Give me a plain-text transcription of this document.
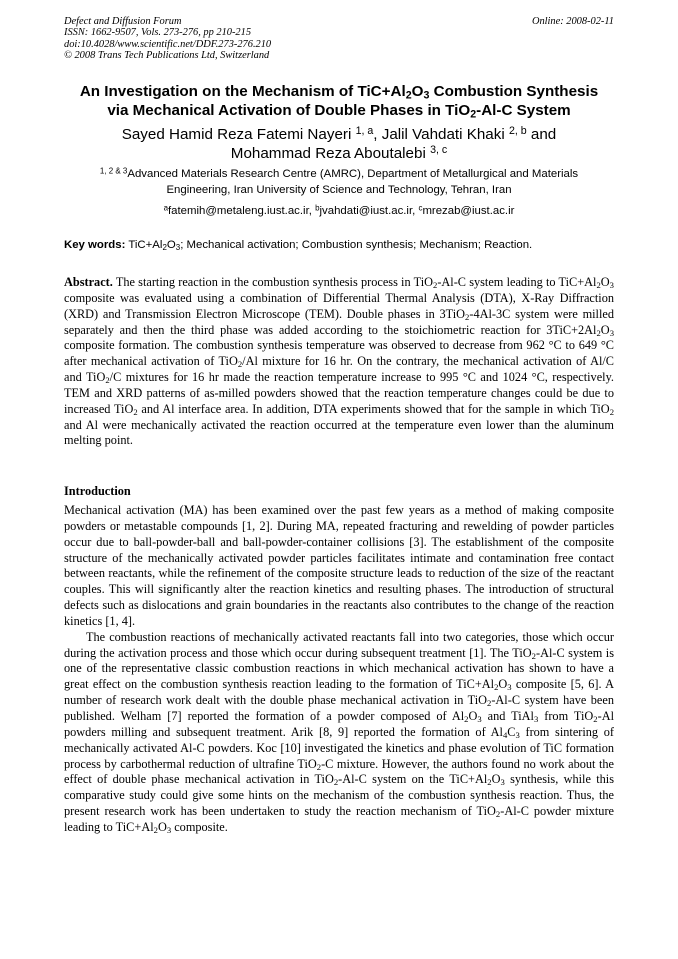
Defect and Diffusion Forum	Online: 2008-02-11
ISSN: 1662-9507, Vols. 273-276, pp 210-215
doi:10.4028/www.scientific.net/DDF.273-276.210
© 2008 Trans Tech Publications Ltd, Switzerland
An Investigation on the Mechanism of $TiC+Al_2O_3$ Combustion Synthesis
via Mechanical Activation of Double Phases in TiO$_2$-Al-C System
Sayed Hamid Reza Fatemi Nayeri $^{1, a}$, Jalil Vahdati Khaki $^{2, b}$ and
Mohammad Reza Aboutalebi $^{3, c}$
$^{1, 2 \& 3}$Advanced Materials Research Centre (AMRC), Department of Metallurgical and Materials
Engineering, Iran University of Science and Technology, Tehran, Iran
$^a$fatemih@metaleng.iust.ac.ir, $^b$jvahdati@iust.ac.ir, $^c$mrezab@iust.ac.ir
Key words: $TiC+Al_2O_3$; Mechanical activation; Combustion synthesis; Mechanism; Reaction.
Abstract. The starting reaction in the combustion synthesis process in TiO$_2$-Al-C system leading to $TiC+Al_2O_3$ composite was evaluated using a combination of Differential Thermal Analysis (DTA), X-Ray Diffraction (XRD) and Transmission Electron Microscope (TEM). Double phases in 3TiO$_2$-4Al-3C system were milled separately and then the third phase was added according to the stoichiometric reaction for $3TiC+2Al_2O_3$ composite formation. The combustion synthesis temperature was observed to decrease from 962 °C to 649 °C after mechanical activation of TiO$_2$/Al mixture for 16 hr. On the contrary, the mechanical activation of Al/C and TiO$_2$/C mixtures for 16 hr made the reaction temperature increase to 995 °C and 1024 °C, respectively. TEM and XRD patterns of as-milled powders showed that the reaction temperature changes could be due to increased TiO$_2$ and Al interface area. In addition, DTA experiments showed that for the sample in which TiO$_2$ and Al were mechanically activated the reaction occurred at the temperature even lower than the aluminum melting point.
Introduction

Mechanical activation (MA) has been examined over the past few years as a method of making composite powders or metastable compounds [1, 2]. During MA, repeated fracturing and rewelding of powder particles occur due to ball-powder-ball and ball-powder-container collisions [3]. The establishment of the composite structure of the mechanically activated powder particles facilitates intimate and contamination free contact between reactants, while the refinement of the composite structure leads to reduction of the size of the reactant couples. This will significantly alter the reaction kinetics and resulting phases. The introduction of structural defects such as dislocations and grain boundaries in the reactants also contributes to the change of the reaction kinetics [1, 4].

The combustion reactions of mechanically activated reactants fall into two categories, those which occur during the activation process and those which occur during subsequent treatment [1]. The TiO$_2$-Al-C system is one of the representative classic combustion reactions in which mechanical activation has shown to have a great effect on the combustion synthesis reaction leading to the formation of $TiC+Al_2O_3$ composite [5, 6]. A number of research work dealt with the double phase mechanical activation in TiO$_2$-Al-C system have been published. Welham [7] reported the formation of a powder composed of $Al_2O_3$ and TiAl$_3$ from TiO$_2$-Al powders milling and subsequent treatment. Arik [8, 9] reported the formation of $Al_4C_3$ from sintering of mechanically activated Al-C powders. Koc [10] investigated the kinetics and phase evolution of TiC formation process by carbothermal reduction of ultrafine TiO$_2$-C mixture. However, the authors found no work about the effect of double phase mechanical activation in TiO$_2$-Al-C system on the $TiC+Al_2O_3$ synthesis, while this comparative study could give some hints on the mechanism of the combustion synthesis reaction. Thus, the present research work has been undertaken to study the reaction mechanism of TiO$_2$-Al-C powder mixture leading to $TiC+Al_2O_3$ composite.
